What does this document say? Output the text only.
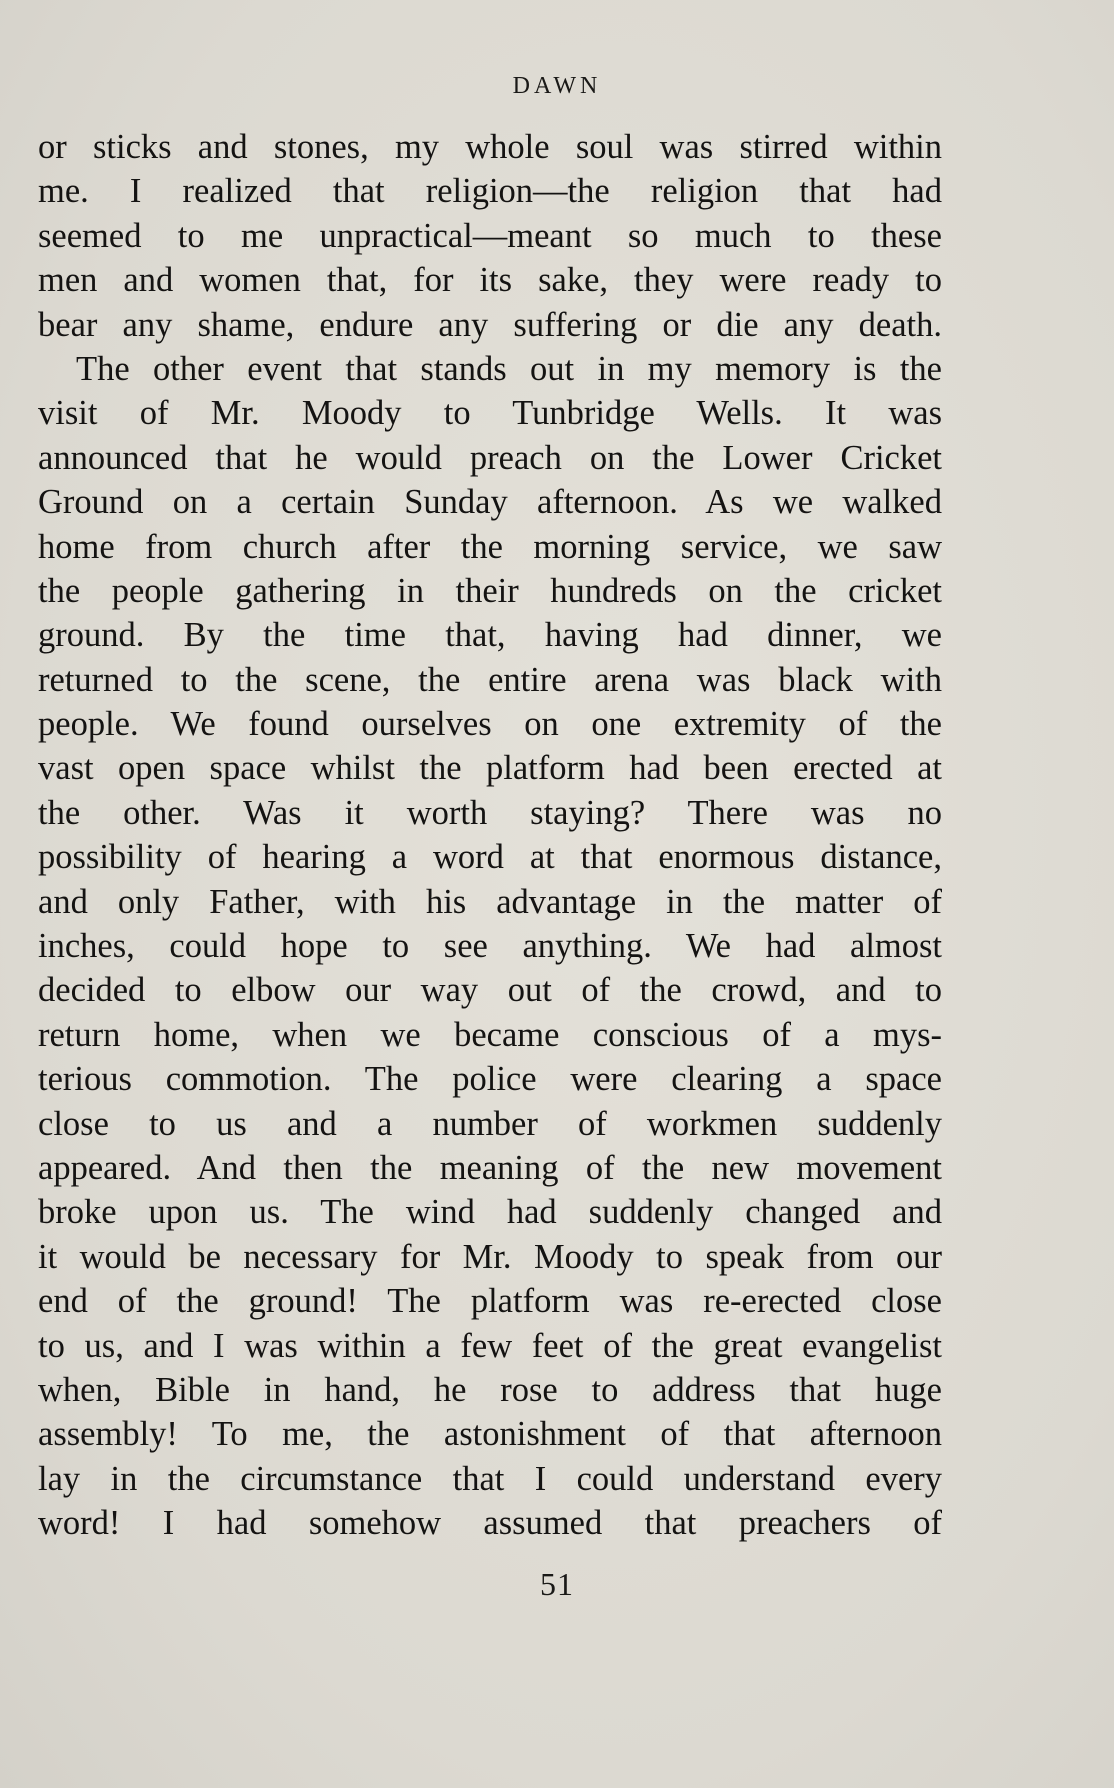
DAWN
or sticks and stones, my whole soul was stirred within
me. I realized that religion—the religion that had
seemed to me unpractical—meant so much to these
men and women that, for its sake, they were ready to
bear any shame, endure any suffering or die any death.
The other event that stands out in my memory is the
visit of Mr. Moody to Tunbridge Wells. It was
announced that he would preach on the Lower Cricket
Ground on a certain Sunday afternoon. As we walked
home from church after the morning service, we saw
the people gathering in their hundreds on the cricket
ground. By the time that, having had dinner, we
returned to the scene, the entire arena was black with
people. We found ourselves on one extremity of the
vast open space whilst the platform had been erected at
the other. Was it worth staying? There was no
possibility of hearing a word at that enormous distance,
and only Father, with his advantage in the matter of
inches, could hope to see anything. We had almost
decided to elbow our way out of the crowd, and to
return home, when we became conscious of a mys-
terious commotion. The police were clearing a space
close to us and a number of workmen suddenly
appeared. And then the meaning of the new movement
broke upon us. The wind had suddenly changed and
it would be necessary for Mr. Moody to speak from our
end of the ground! The platform was re-erected close
to us, and I was within a few feet of the great evangelist
when, Bible in hand, he rose to address that huge
assembly! To me, the astonishment of that afternoon
lay in the circumstance that I could understand every
word! I had somehow assumed that preachers of
51
